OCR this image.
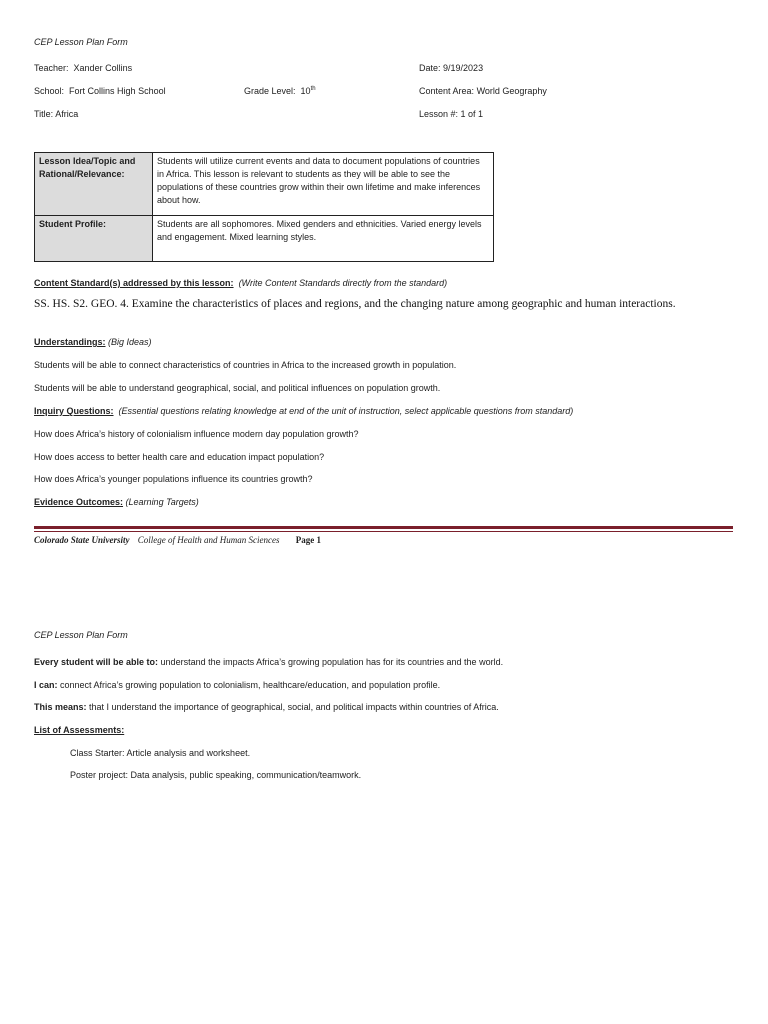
CEP Lesson Plan Form
Teacher: Xander Collins	Date: 9/19/2023
School: Fort Collins High School	Grade Level: 10th	Content Area: World Geography
Title: Africa	Lesson #: 1 of 1
Lesson Idea/Topic and Rational/Relevance:	Students will utilize current events and data to document populations of countries in Africa. This lesson is relevant to students as they will be able to see the populations of these countries grow within their own lifetime and make inferences about how.
Student Profile:	Students are all sophomores. Mixed genders and ethnicities. Varied energy levels and engagement. Mixed learning styles.
Content Standard(s) addressed by this lesson: (Write Content Standards directly from the standard)
SS. HS. S2. GEO. 4. Examine the characteristics of places and regions, and the changing nature among geographic and human interactions.
Understandings: (Big Ideas)
Students will be able to connect characteristics of countries in Africa to the increased growth in population.
Students will be able to understand geographical, social, and political influences on population growth.
Inquiry Questions: (Essential questions relating knowledge at end of the unit of instruction, select applicable questions from standard)
How does Africa’s history of colonialism influence modern day population growth?
How does access to better health care and education impact population?
How does Africa’s younger populations influence its countries growth?
Evidence Outcomes: (Learning Targets)
Colorado State University College of Health and Human Sciences Page 1
CEP Lesson Plan Form
Every student will be able to: understand the impacts Africa’s growing population has for its countries and the world.
I can: connect Africa’s growing population to colonialism, healthcare/education, and population profile.
This means: that I understand the importance of geographical, social, and political impacts within countries of Africa.
List of Assessments:
Class Starter: Article analysis and worksheet.
Poster project: Data analysis, public speaking, communication/teamwork.
